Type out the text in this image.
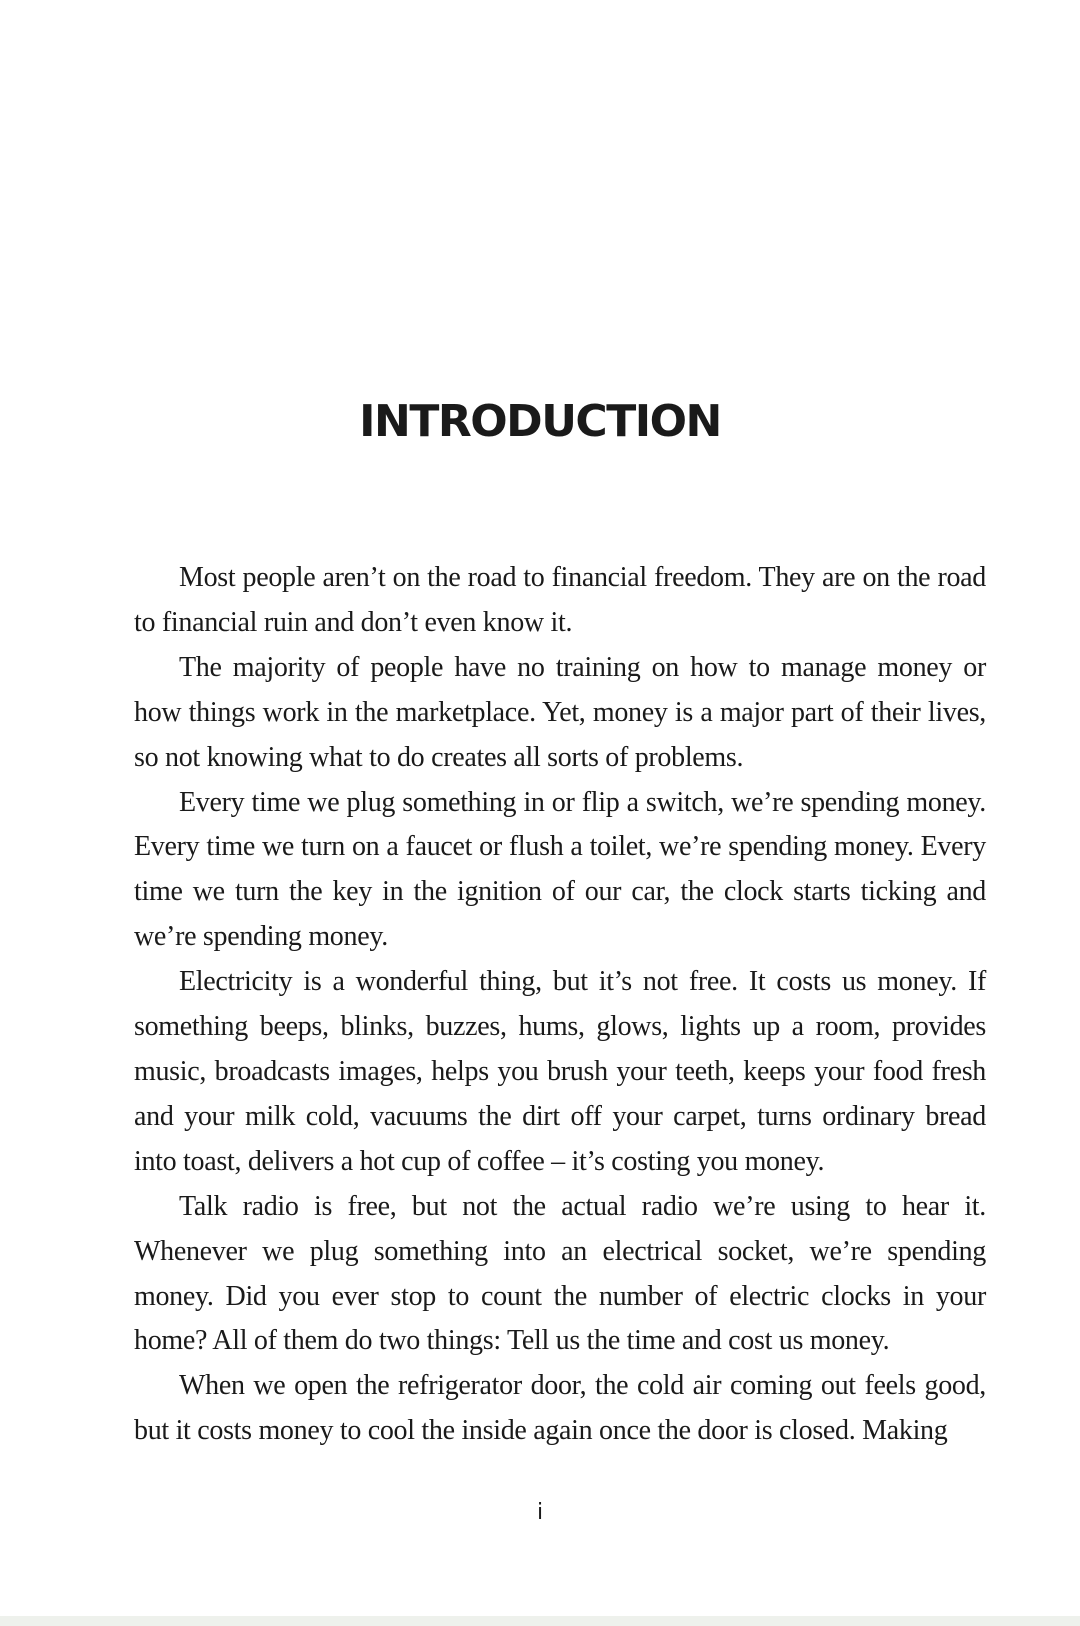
INTRODUCTION

Most people aren’t on the road to financial freedom. They are on the road to financial ruin and don’t even know it.

The majority of people have no training on how to manage money or how things work in the marketplace. Yet, money is a major part of their lives, so not knowing what to do creates all sorts of problems.

Every time we plug something in or flip a switch, we’re spending money. Every time we turn on a faucet or flush a toilet, we’re spending money. Every time we turn the key in the ignition of our car, the clock starts ticking and we’re spending money.

Electricity is a wonderful thing, but it’s not free. It costs us money. If something beeps, blinks, buzzes, hums, glows, lights up a room, provides music, broadcasts images, helps you brush your teeth, keeps your food fresh and your milk cold, vacuums the dirt off your carpet, turns ordinary bread into toast, delivers a hot cup of coffee – it’s costing you money.

Talk radio is free, but not the actual radio we’re using to hear it. Whenever we plug something into an electrical socket, we’re spending money. Did you ever stop to count the number of electric clocks in your home? All of them do two things: Tell us the time and cost us money.

When we open the refrigerator door, the cold air coming out feels good, but it costs money to cool the inside again once the door is closed. Making

i
